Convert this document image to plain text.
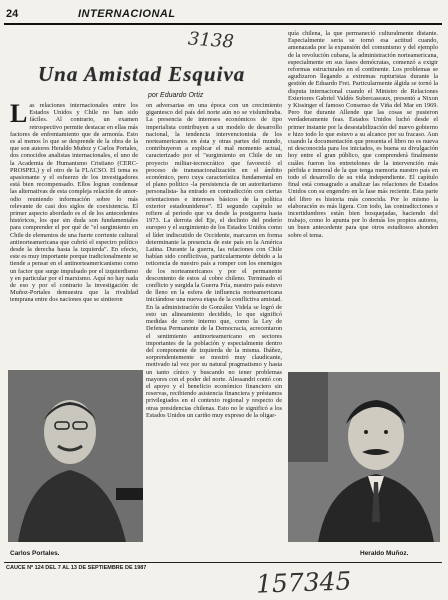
24	INTERNACIONAL
3138
Una Amistad Esquiva
por Eduardo Ortiz
L as relaciones internacionales entre los Estados Unidos y Chile no han sido fáciles. Al contrario, un examen retrospectivo permite destacar en ellas más factores de enfrentamiento que de armonía. Esto es al menos lo que se desprende de la obra de la que son autores Heraldo Muñoz y Carlos Portales, dos conocidos analistas internacionales, el uno de la Academia de Humanismo Cristiano (CERC-PROSPEL) y el otro de la FLACSO. El tema es apasionante y el esfuerzo de los investigadores está bien recompensado. Ellos logran condensar las alternativas de esta compleja relación de amor-odio reuniendo información sobre lo más relevante de casi dos siglos de coexistencia. El primer aspecto abordado es el de los antecedentes históricos, los que sin duda son fundamentales para comprender el por qué de "el surgimiento en Chile de elementos de una fuerte corriente cultural antinorteamericana que cubrió el espectro político desde la derecha hasta la izquierda". En efecto, este es muy importante porque tradicionalmente se tiende a pensar en el antinorteamericanismo como un factor que surge impulsado por el izquierdismo y en particular por el marxismo. Aquí no hay nada de eso y por el contrario la investigación de Muñoz-Portales demuestra que la rivalidad temprana entre dos naciones que se sintieron
on adversarias en una época con un crecimiento gigantesco del país del norte aún no se vislumbraba. La presencia de intereses económicos de tipo imperialista contribuyen a un modelo de desarrollo nacional, la tendencia intervencionista de los norteamericanos en ésta y otras partes del mundo, contribuyeron a explicar el mal momento actual, caracterizado por el "surgimiento en Chile de un proyecto militar-tecnocrático que favoreció el proceso de transnacionalización en el ámbito económico, pero cuya característica fundamental en el plano político -la persistencia de un autoritarismo personalista- ha entrado en contradicción con ciertas orientaciones e intereses básicos de la política exterior estadounidense". El segundo capítulo se refiere al período que va desde la postguerra hasta 1973. La derrota del Eje, el declinio del poderío europeo y el surgimiento de los Estados Unidos como el líder indiscutido de Occidente, marcaron en forma determinante la presencia de este país en la América Latina. Durante la guerra, las relaciones con Chile habían sido conflictivas, particularmente debido a la reticencia de nuestro país a romper con los enemigos de los norteamericanos y por el permanente descontento de estos al cobre chileno. Terminado el conflicto y surgida la Guerra Fría, nuestro país estuvo de lleno en la esfera de influencia norteamericana iniciándose una nueva etapa de la conflictiva amistad. En la administración de González Videla se logró de esto un alineamiento decidido, lo que significó medidas de corte interno que, como la Ley de Defensa Permanente de la Democracia, acrecentaron el sentimiento antinorteamericano en sectores importantes de la población y especialmente dentro del componente de izquierda de la misma. Ibáñez, sorprendentemente se mostró muy claudicante, motivado tal vez por su natural pragmatismo y hasta un tanto cínico y buscando no tener problemas mayores con el poder del norte. Alessandri contó con el apoyo y el beneficio económico financiero sin reservas, recibiendo asistencia financiera y préstamos privilegiados en el contexto regional y respecto de otras presidencias chilenas. Esto no le significó a los Estados Unidos un cariño muy expreso de la oligar-
quía chilena, la que permaneció culturalmente distante. Especialmente seria se tornó esa actitud cuando, amenazada por la expansión del comunismo y del ejemplo de la revolución cubana, la administración norteamericana, especialmente en sus fases demócratas, comenzó a exigir reformas estructurales en el continente. Los problemas se agudizaron llegando a extremas rupturistas durante la gestión de Eduardo Frei. Particularmente álgida se tornó la disputa internacional cuando el Ministro de Relaciones Exteriores Gabriel Valdés Subercaseaux, presentó a Nixon y Kissinger el famoso Consenso de Viña del Mar en 1969. Pero fue durante Allende que las cosas se pusieron verdaderamente feas. Estados Unidos luchó desde el primer instante por la desestabilización del nuevo gobierno e hizo todo lo que estuvo a su alcance por su fracaso. Aun cuando la documentación que presenta el libro no es nueva ni desconocida para los iniciados, es buena su divulgación hoy entre el gran público, que comprenderá finalmente cuáles fueron los entretelones de la intervención más pérfida e inmoral de la que tenga memoria nuestro país en todo el desarrollo de su vida independiente. El capítulo final está consagrado a analizar las relaciones de Estados Unidos con su engendro en la fase más reciente. Esta parte del libro es historia más conocida. Por lo mismo la elaboración es más ligera. Con todo, las contradicciones e incertidumbres están bien bosquejadas, haciendo del trabajo, como lo apunta por lo demás los propios autores, un buen antecedente para que otros estudiosos ahonden sobre el tema.
Carlos Portales.	Heraldo Muñoz.
CAUCE Nº 124 DEL 7 AL 13 DE SEPTIEMBRE DE 1987	157345
